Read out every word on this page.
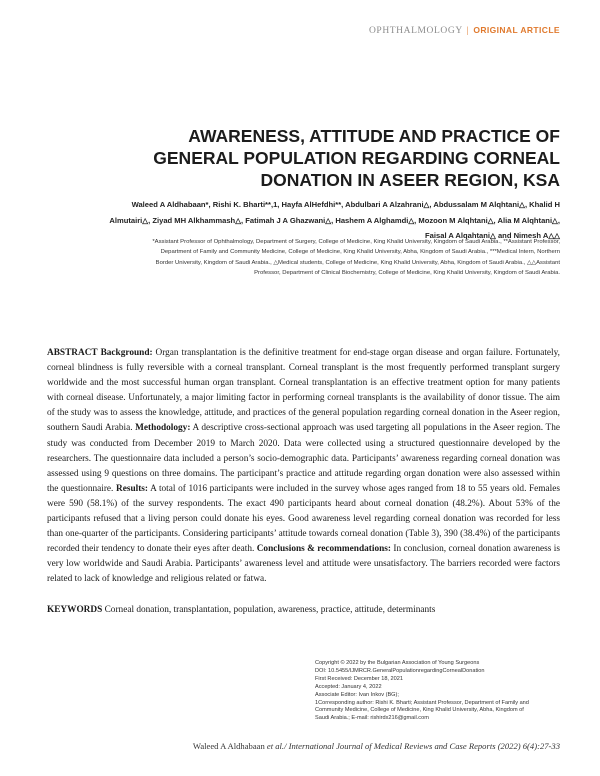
OPHTHALMOLOGY | ORIGINAL ARTICLE
AWARENESS, ATTITUDE AND PRACTICE OF
GENERAL POPULATION REGARDING CORNEAL
DONATION IN ASEER REGION, KSA
Waleed A Aldhabaan*, Rishi K. Bharti**,1, Hayfa AlHefdhi**, Abdulbari A Alzahrani△, Abdussalam M Alqhtani△, Khalid H
Almutairi△, Ziyad MH Alkhammash△, Fatimah J A Ghazwani△, Hashem A Alghamdi△, Mozoon M Alqhtani△, Alia M Alqhtani△,
Faisal A Alqahtani△ and Nimesh A△△
*Assistant Professor of Ophthalmology, Department of Surgery, College of Medicine, King Khalid University, Kingdom of Saudi Arabia., **Assistant Professor,
Department of Family and Community Medicine, College of Medicine, King Khalid University, Abha, Kingdom of Saudi Arabia., ***Medical Intern, Northern
Border University, Kingdom of Saudi Arabia., △Medical students, College of Medicine, King Khalid University, Abha, Kingdom of Saudi Arabia., △△Assistant
Professor, Department of Clinical Biochemistry, College of Medicine, King Khalid University, Kingdom of Saudi Arabia.
ABSTRACT Background: Organ transplantation is the definitive treatment for end-stage organ disease and organ failure. Fortunately, corneal blindness is fully reversible with a corneal transplant. Corneal transplant is the most frequently performed transplant surgery worldwide and the most successful human organ transplant. Corneal transplantation is an effective treatment option for many patients with corneal disease. Unfortunately, a major limiting factor in performing corneal transplants is the availability of donor tissue. The aim of the study was to assess the knowledge, attitude, and practices of the general population regarding corneal donation in the Aseer region, southern Saudi Arabia. Methodology: A descriptive cross-sectional approach was used targeting all populations in the Aseer region. The study was conducted from December 2019 to March 2020. Data were collected using a structured questionnaire developed by the researchers. The questionnaire data included a person’s socio-demographic data. Participants’ awareness regarding corneal donation was assessed using 9 questions on three domains. The participant’s practice and attitude regarding organ donation were also assessed within the questionnaire. Results: A total of 1016 participants were included in the survey whose ages ranged from 18 to 55 years old. Females were 590 (58.1%) of the survey respondents. The exact 490 participants heard about corneal donation (48.2%). About 53% of the participants refused that a living person could donate his eyes. Good awareness level regarding corneal donation was recorded for less than one-quarter of the participants. Considering participants’ attitude towards corneal donation (Table 3), 390 (38.4%) of the participants recorded their tendency to donate their eyes after death. Conclusions & recommendations: In conclusion, corneal donation awareness is very low worldwide and Saudi Arabia. Participants’ awareness level and attitude were unsatisfactory. The barriers recorded were factors related to lack of knowledge and religious related or fatwa.
KEYWORDS Corneal donation, transplantation, population, awareness, practice, attitude, determinants
Copyright © 2022 by the Bulgarian Association of Young Surgeons
DOI: 10.5455/IJMRCR.GeneralPopulationregardingCornealDonation
First Received: December 18, 2021
Accepted: January 4, 2022
Associate Editor: Ivan Inkov (BG);
1Corresponding author: Rishi K. Bharti; Assistant Professor, Department of Family and
Community Medicine, College of Medicine, King Khalid University, Abha, Kingdom of
Saudi Arabia.; E-mail: rishirdx216@gmail.com
Waleed A Aldhabaan et al./ International Journal of Medical Reviews and Case Reports (2022) 6(4):27-33
